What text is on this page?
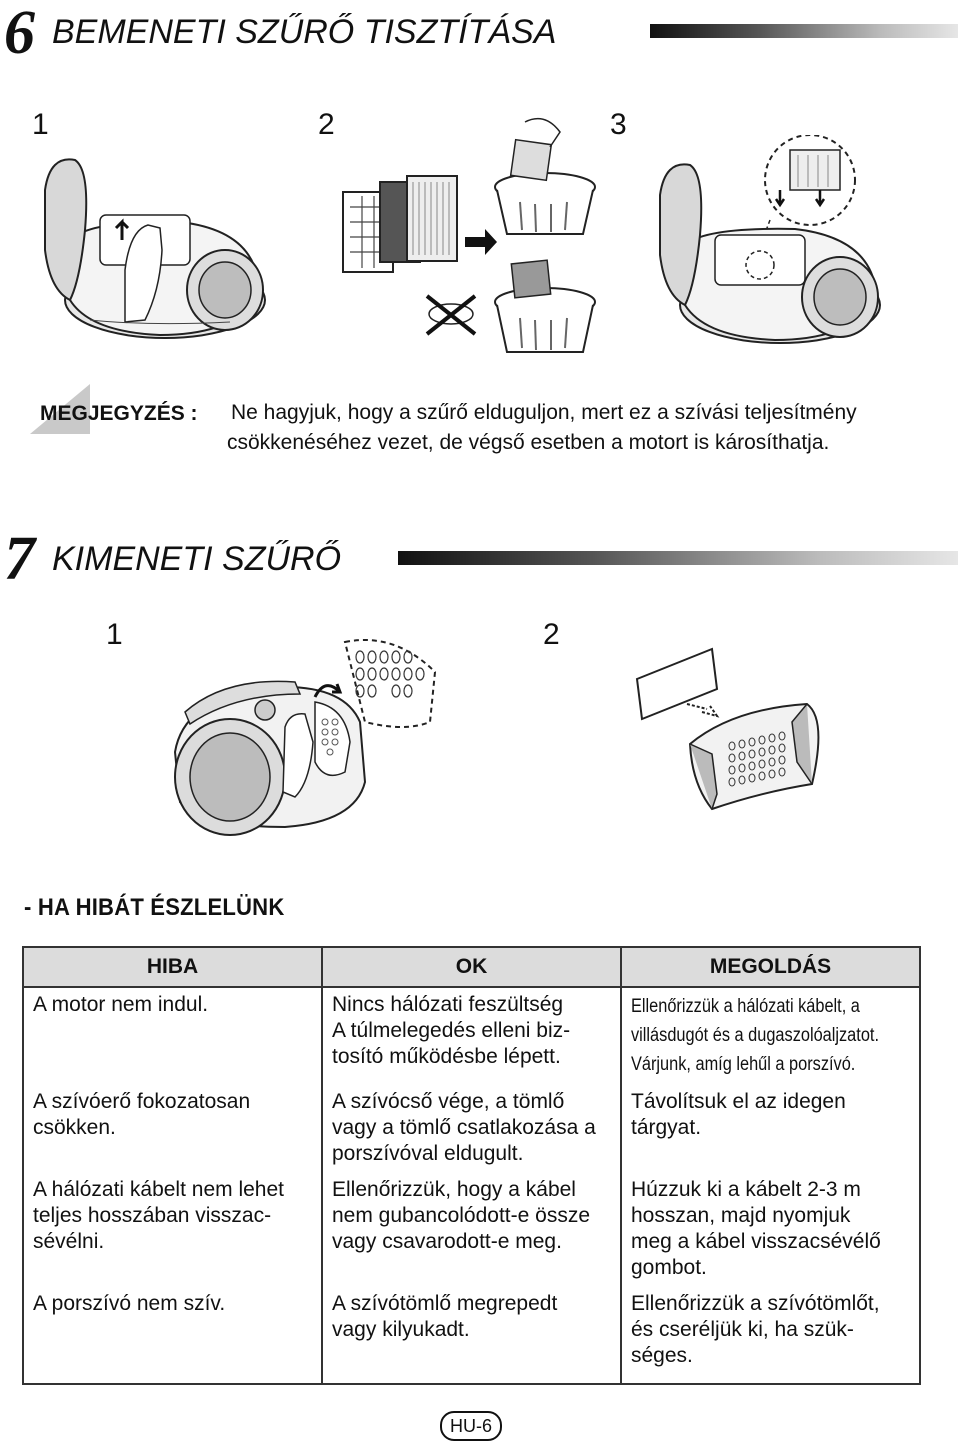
6 BEMENETI SZŰRŐ TISZTÍTÁSA
1	2	3
MEGJEGYZÉS : Ne hagyjuk, hogy a szűrő elduguljon, mert ez a szívási teljesítmény
csökkenéséhez vezet, de végső esetben a motort is károsíthatja.
7 KIMENETI SZŰRŐ
1	2
- HA HIBÁT ÉSZLELÜNK
HIBA	OK	MEGOLDÁS

A motor nem indul.	Nincs hálózati feszültség
A túlmelegedés elleni biz-
tosító működésbe lépett.	Ellenőrizzük a hálózati kábelt, a
villásdugót és a dugaszolóaljzatot.
Várjunk, amíg lehűl a porszívó.

A szívóerő fokozatosan
csökken.	A szívócső vége, a tömlő
vagy a tömlő csatlakozása a
porszívóval eldugult.	Távolítsuk el az idegen
tárgyat.

A hálózati kábelt nem lehet
teljes hosszában visszac-
sévélni.	Ellenőrizzük, hogy a kábel
nem gubancolódott-e össze
vagy csavarodott-e meg.	Húzzuk ki a kábelt 2-3 m
hosszan, majd nyomjuk
meg a kábel visszacsévélő
gombot.

A porszívó nem szív.	A szívótömlő megrepedt
vagy kilyukadt.	Ellenőrizzük a szívótömlőt,
és cseréljük ki, ha szük-
séges.
HU-6
